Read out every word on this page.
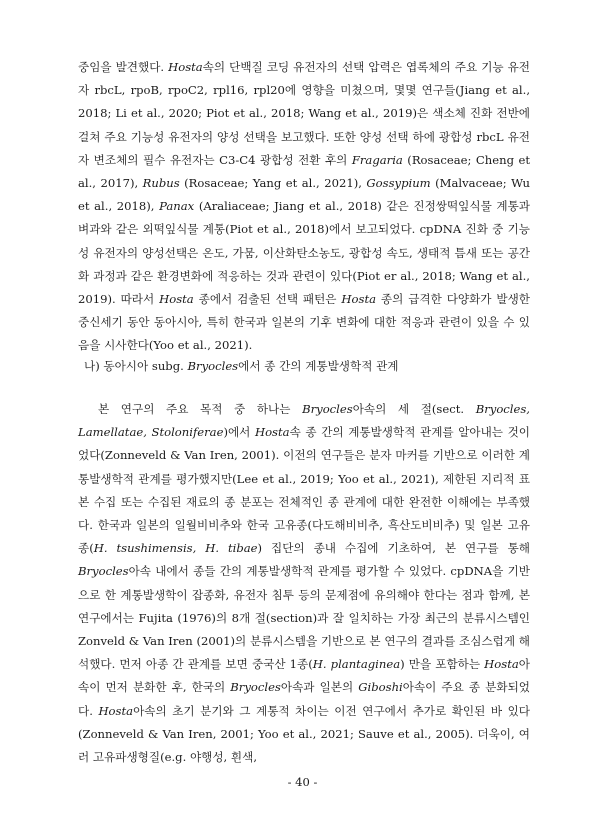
중임을 발견했다. Hosta속의 단백질 코딩 유전자의 선택 압력은 엽록체의 주요 기능 유전자 rbcL, rpoB, rpoC2, rpl16, rpl20에 영향을 미쳤으며, 몇몇 연구들(Jiang et al., 2018; Li et al., 2020; Piot et al., 2018; Wang et al., 2019)은 색소체 진화 전반에 걸쳐 주요 기능성 유전자의 양성 선택을 보고했다. 또한 양성 선택 하에 광합성 rbcL 유전자 변조체의 필수 유전자는 C3-C4 광합성 전환 후의 Fragaria (Rosaceae; Cheng et al., 2017), Rubus (Rosaceae; Yang et al., 2021), Gossypium (Malvaceae; Wu et al., 2018), Panax (Araliaceae; Jiang et al., 2018) 같은 진정쌍떡잎식물 계통과 벼과와 같은 외떡잎식물 계통(Piot et al., 2018)에서 보고되었다. cpDNA 진화 중 기능성 유전자의 양성선택은 온도, 가뭄, 이산화탄소농도, 광합성 속도, 생태적 틈새 또는 공간화 과정과 같은 환경변화에 적응하는 것과 관련이 있다(Piot er al., 2018; Wang et al., 2019). 따라서 Hosta 종에서 검출된 선택 패턴은 Hosta 종의 급격한 다양화가 발생한 중신세기 동안 동아시아, 특히 한국과 일본의 기후 변화에 대한 적응과 관련이 있을 수 있음을 시사한다(Yoo et al., 2021).

나) 동아시아 subg. Bryocles에서 종 간의 계통발생학적 관계

본 연구의 주요 목적 중 하나는 Bryocles아속의 세 절(sect. Bryocles, Lamellatae, Stoloniferae)에서 Hosta속 종 간의 계통발생학적 관계를 알아내는 것이었다(Zonneveld & Van Iren, 2001). 이전의 연구들은 분자 마커를 기반으로 이러한 계통발생학적 관계를 평가했지만(Lee et al., 2019; Yoo et al., 2021), 제한된 지리적 표본 수집 또는 수집된 재료의 종 분포는 전체적인 종 관계에 대한 완전한 이해에는 부족했다. 한국과 일본의 일월비비추와 한국 고유종(다도해비비추, 흑산도비비추) 및 일본 고유종(H. tsushimensis, H. tibae) 집단의 종내 수집에 기초하여, 본 연구를 통해 Bryocles아속 내에서 종들 간의 계통발생학적 관계를 평가할 수 있었다. cpDNA을 기반으로 한 계통발생학이 잡종화, 유전자 침투 등의 문제점에 유의해야 한다는 점과 함께, 본 연구에서는 Fujita (1976)의 8개 절(section)과 잘 일치하는 가장 최근의 분류시스템인 Zonveld & Van Iren (2001)의 분류시스템을 기반으로 본 연구의 결과를 조심스럽게 해석했다. 먼저 아종 간 관계를 보면 중국산 1종(H. plantaginea) 만을 포함하는 Hosta아속이 먼저 분화한 후, 한국의 Bryocles아속과 일본의 Giboshi아속이 주요 종 분화되었다. Hosta아속의 초기 분기와 그 계통적 차이는 이전 연구에서 추가로 확인된 바 있다(Zonneveld & Van Iren, 2001; Yoo et al., 2021; Sauve et al., 2005). 더욱이, 여러 고유파생형질(e.g. 야행성, 흰색,

- 40 -
